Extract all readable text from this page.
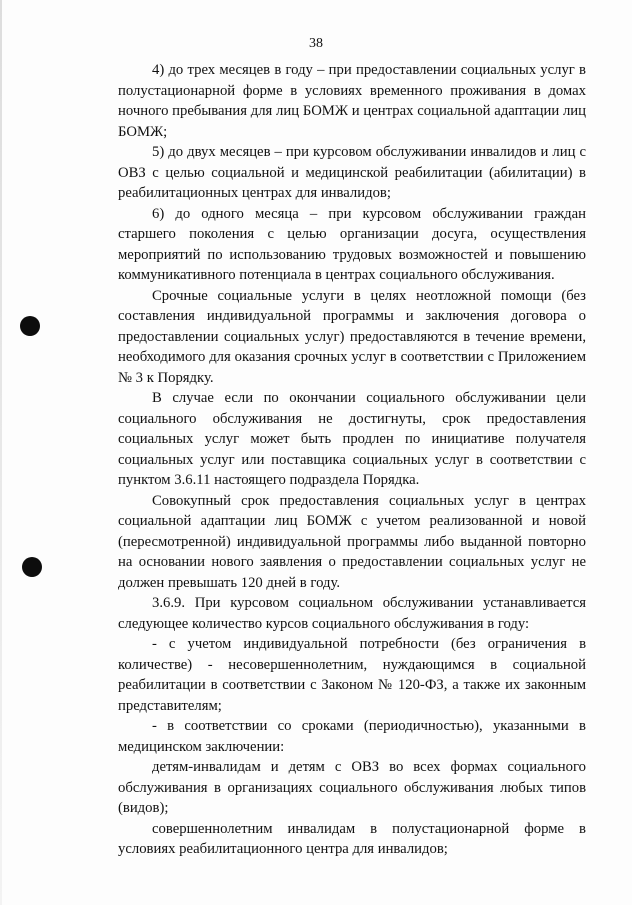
38

4) до трех месяцев в году – при предоставлении социальных услуг в полустационарной форме в условиях временного проживания в домах ночного пребывания для лиц БОМЖ и центрах социальной адаптации лиц БОМЖ;

5) до двух месяцев – при курсовом обслуживании инвалидов и лиц с ОВЗ с целью социальной и медицинской реабилитации (абилитации) в реабилитационных центрах для инвалидов;

6) до одного месяца – при курсовом обслуживании граждан старшего поколения с целью организации досуга, осуществления мероприятий по использованию трудовых возможностей и повышению коммуникативного потенциала в центрах социального обслуживания.

Срочные социальные услуги в целях неотложной помощи (без составления индивидуальной программы и заключения договора о предоставлении социальных услуг) предоставляются в течение времени, необходимого для оказания срочных услуг в соответствии с Приложением № 3 к Порядку.

В случае если по окончании социального обслуживании цели социального обслуживания не достигнуты, срок предоставления социальных услуг может быть продлен по инициативе получателя социальных услуг или поставщика социальных услуг в соответствии с пунктом 3.6.11 настоящего подраздела Порядка.

Совокупный срок предоставления социальных услуг в центрах социальной адаптации лиц БОМЖ с учетом реализованной и новой (пересмотренной) индивидуальной программы либо выданной повторно на основании нового заявления о предоставлении социальных услуг не должен превышать 120 дней в году.

3.6.9. При курсовом социальном обслуживании устанавливается следующее количество курсов социального обслуживания в году:

- с учетом индивидуальной потребности (без ограничения в количестве) - несовершеннолетним, нуждающимся в социальной реабилитации в соответствии с Законом № 120-ФЗ, а также их законным представителям;

- в соответствии со сроками (периодичностью), указанными в медицинском заключении:

детям-инвалидам и детям с ОВЗ во всех формах социального обслуживания в организациях социального обслуживания любых типов (видов);

совершеннолетним инвалидам в полустационарной форме в условиях реабилитационного центра для инвалидов;
